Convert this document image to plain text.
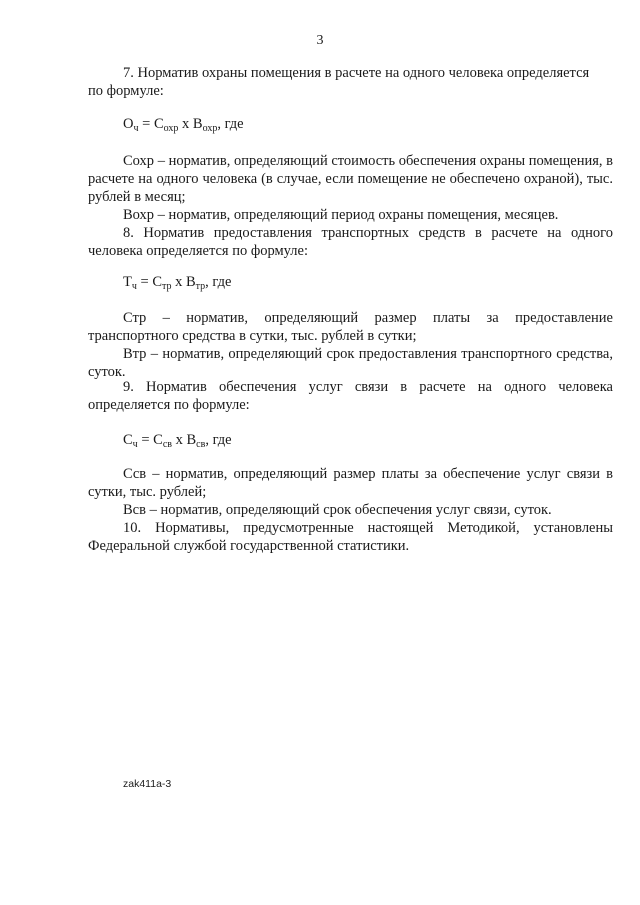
3
7. Норматив охраны помещения в расчете на одного человека определяется
по формуле:
$О_ч = С_{охр}$ х $В_{охр}$, где
Сохр – норматив, определяющий стоимость обеспечения охраны помещения, в расчете на одного человека (в случае, если помещение не обеспечено охраной), тыс. рублей в месяц;
Вохр – норматив, определяющий период охраны помещения, месяцев.
8. Норматив предоставления транспортных средств в расчете на одного человека определяется по формуле:
$Т_ч = С_{тр}$ х $В_{тр}$, где
Стр – норматив, определяющий размер платы за предоставление транспортного средства в сутки, тыс. рублей в сутки;
Втр – норматив, определяющий срок предоставления транспортного средства, суток.
9. Норматив обеспечения услуг связи в расчете на одного человека определяется по формуле:
$С_ч = С_{св}$ х $В_{св}$, где
Ссв – норматив, определяющий размер платы за обеспечение услуг связи в сутки, тыс. рублей;
Всв – норматив, определяющий срок обеспечения услуг связи, суток.
10. Нормативы, предусмотренные настоящей Методикой, установлены Федеральной службой государственной статистики.
zak411a-3
